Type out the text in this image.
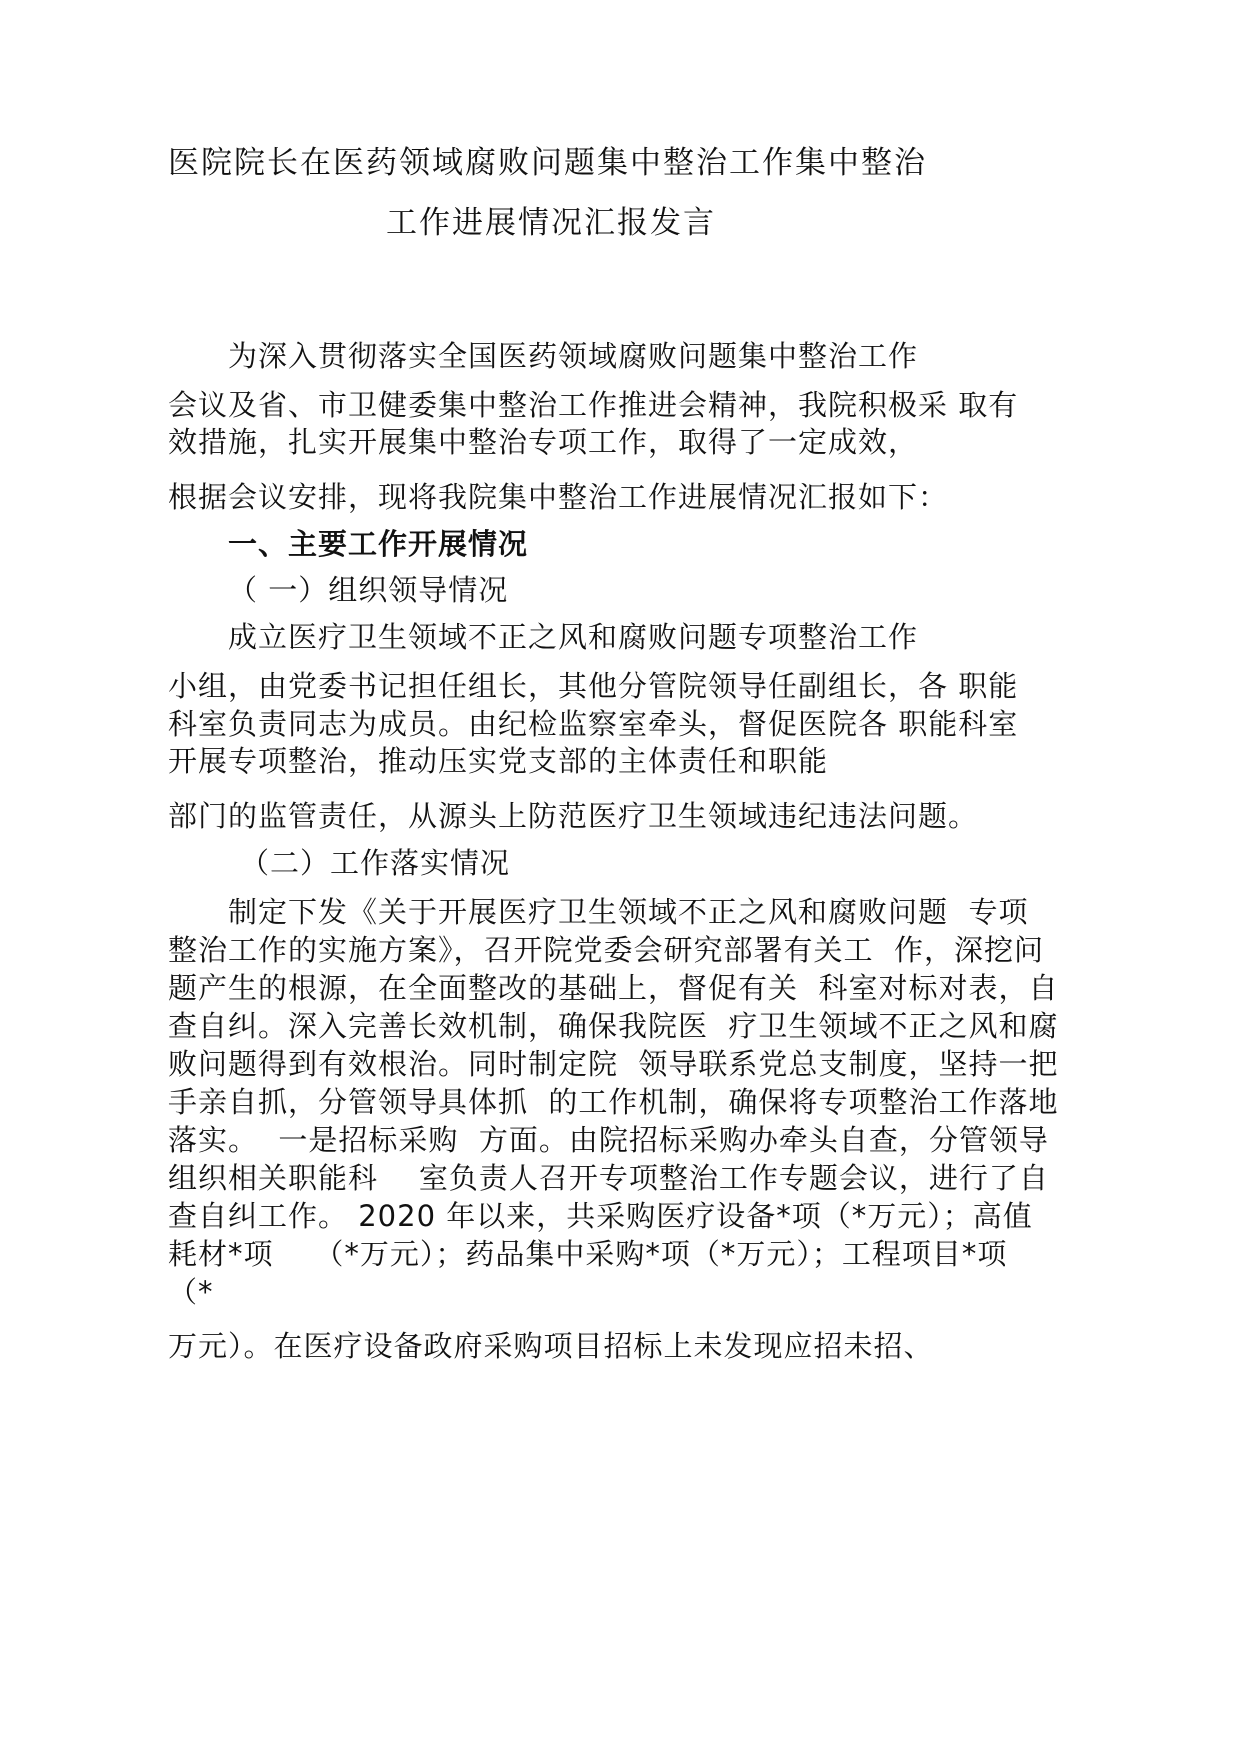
医院院长在医药领域腐败问题集中整治工作集中整治
工作进展情况汇报发言
为深入贯彻落实全国医药领域腐败问题集中整治工作
会议及省、市卫健委集中整治工作推进会精神，我院积极采 取有
效措施，扎实开展集中整治专项工作，取得了一定成效，
根据会议安排，现将我院集中整治工作进展情况汇报如下：
一、主要工作开展情况
（ 一）组织领导情况
成立医疗卫生领域不正之风和腐败问题专项整治工作
小组，由党委书记担任组长，其他分管院领导任副组长，各 职能
科室负责同志为成员。由纪检监察室牵头，督促医院各 职能科室
开展专项整治，推动压实党支部的主体责任和职能
部门的监管责任，从源头上防范医疗卫生领域违纪违法问题。
（二）工作落实情况
制定下发《关于开展医疗卫生领域不正之风和腐败问题  专项
整治工作的实施方案》，召开院党委会研究部署有关工  作，深挖问
题产生的根源，在全面整改的基础上，督促有关  科室对标对表，自
查自纠。深入完善长效机制，确保我院医  疗卫生领域不正之风和腐
败问题得到有效根治。同时制定院  领导联系党总支制度，坚持一把
手亲自抓，分管领导具体抓  的工作机制，确保将专项整治工作落地
落实。  一是招标采购  方面。由院招标采购办牵头自查，分管领导
组织相关职能科    室负责人召开专项整治工作专题会议，进行了自
查自纠工作。 2020 年以来，共采购医疗设备*项（*万元）；高值
耗材*项    （*万元）；药品集中采购*项（*万元）；工程项目*项
（*
万元）。在医疗设备政府采购项目招标上未发现应招未招、
